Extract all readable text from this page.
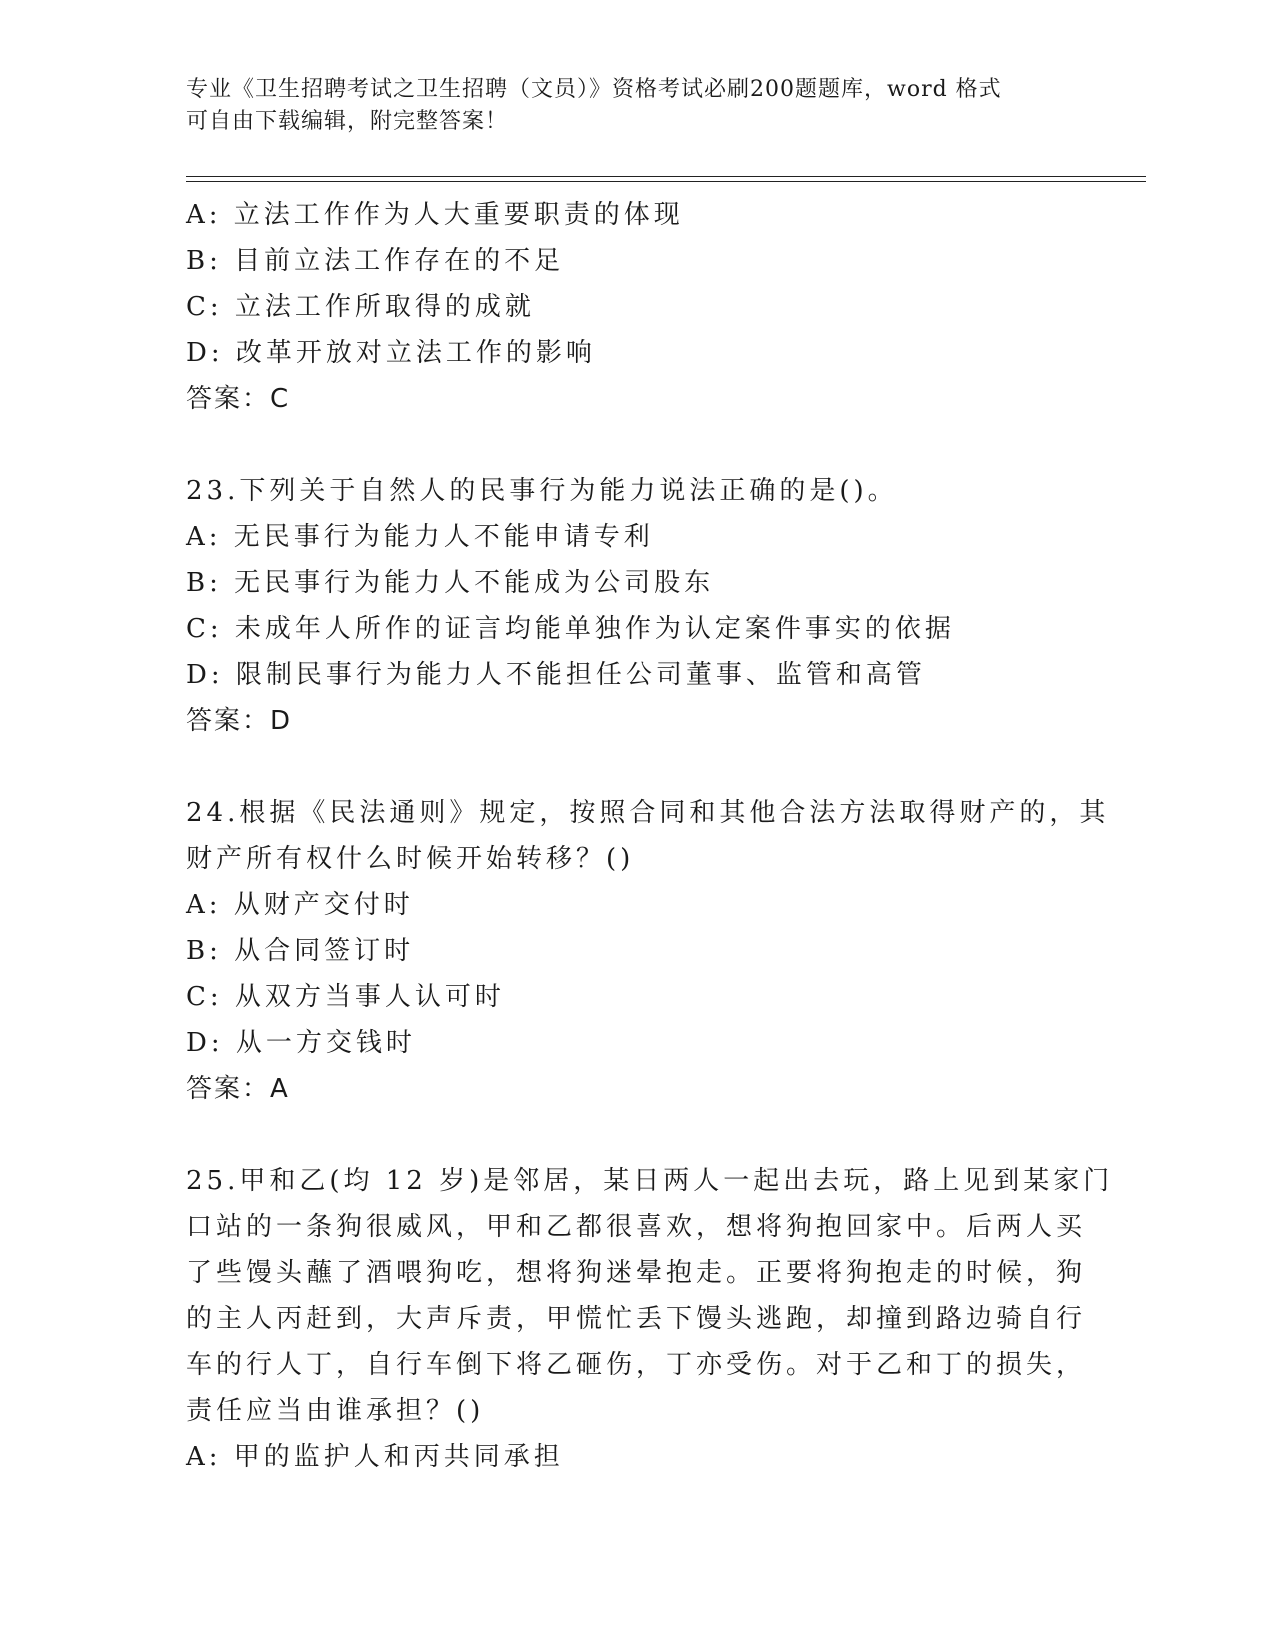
专业《卫生招聘考试之卫生招聘（文员）》资格考试必刷200题题库，word 格式
可自由下载编辑，附完整答案！
A: 立法工作作为人大重要职责的体现
B: 目前立法工作存在的不足
C: 立法工作所取得的成就
D: 改革开放对立法工作的影响
答案：C
23.下列关于自然人的民事行为能力说法正确的是()。
A: 无民事行为能力人不能申请专利
B: 无民事行为能力人不能成为公司股东
C: 未成年人所作的证言均能单独作为认定案件事实的依据
D: 限制民事行为能力人不能担任公司董事、监管和高管
答案：D
24.根据《民法通则》规定，按照合同和其他合法方法取得财产的，其
财产所有权什么时候开始转移？()
A: 从财产交付时
B: 从合同签订时
C: 从双方当事人认可时
D: 从一方交钱时
答案：A
25.甲和乙(均 12 岁)是邻居，某日两人一起出去玩，路上见到某家门
口站的一条狗很威风，甲和乙都很喜欢，想将狗抱回家中。后两人买
了些馒头蘸了酒喂狗吃，想将狗迷晕抱走。正要将狗抱走的时候，狗
的主人丙赶到，大声斥责，甲慌忙丢下馒头逃跑，却撞到路边骑自行
车的行人丁，自行车倒下将乙砸伤，丁亦受伤。对于乙和丁的损失，
责任应当由谁承担？()
A: 甲的监护人和丙共同承担
